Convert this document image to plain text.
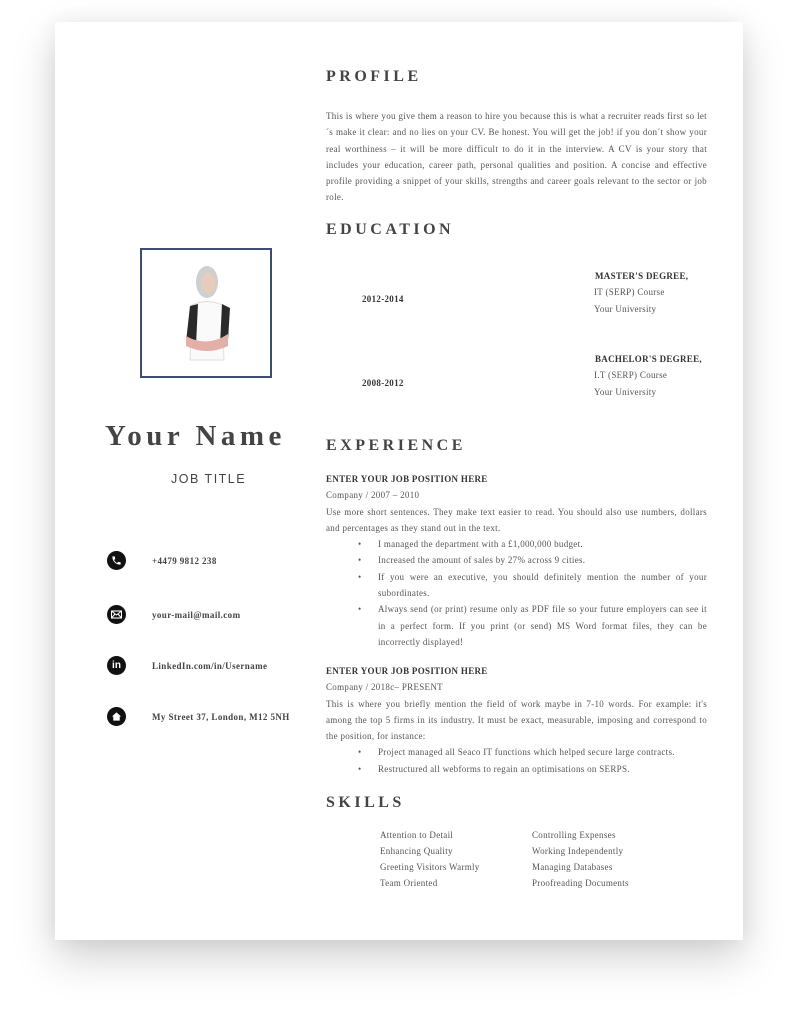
PROFILE
This is where you give them a reason to hire you because this is what a recruiter reads first so let´s make it clear: and no lies on your CV. Be honest. You will get the job! if you don´t show your real worthiness – it will be more difficult to do it in the interview. A CV is your story that includes your education, career path, personal qualities and position. A concise and effective profile providing a snippet of your skills, strengths and career goals relevant to the sector or job role.
EDUCATION
2012-2014
MASTER'S DEGREE,
IT (SERP) Course
Your University
2008-2012
BACHELOR'S DEGREE,
I.T (SERP) Course
Your University
Your Name
JOB TITLE
+4479 9812 238
your-mail@mail.com
in	LinkedIn.com/in/Username
My Street 37, London, M12 5NH
EXPERIENCE
ENTER YOUR JOB POSITION HERE
Company / 2007 – 2010
Use more short sentences. They make text easier to read. You should also use numbers, dollars and percentages as they stand out in the text.
• I managed the department with a £1,000,000 budget.
• Increased the amount of sales by 27% across 9 cities.
• If you were an executive, you should definitely mention the number of your subordinates.
• Always send (or print) resume only as PDF file so your future employers can see it in a perfect form. If you print (or send) MS Word format files, they can be incorrectly displayed!
ENTER YOUR JOB POSITION HERE
Company / 2018c– PRESENT
This is where you briefly mention the field of work maybe in 7-10 words. For example: it's among the top 5 firms in its industry. It must be exact, measurable, imposing and correspond to the position, for instance:
• Project managed all Seaco IT functions which helped secure large contracts.
• Restructured all webforms to regain an optimisations on SERPS.
SKILLS
Attention to Detail
Enhancing Quality
Greeting Visitors Warmly
Team Oriented
Controlling Expenses
Working Independently
Managing Databases
Proofreading Documents
